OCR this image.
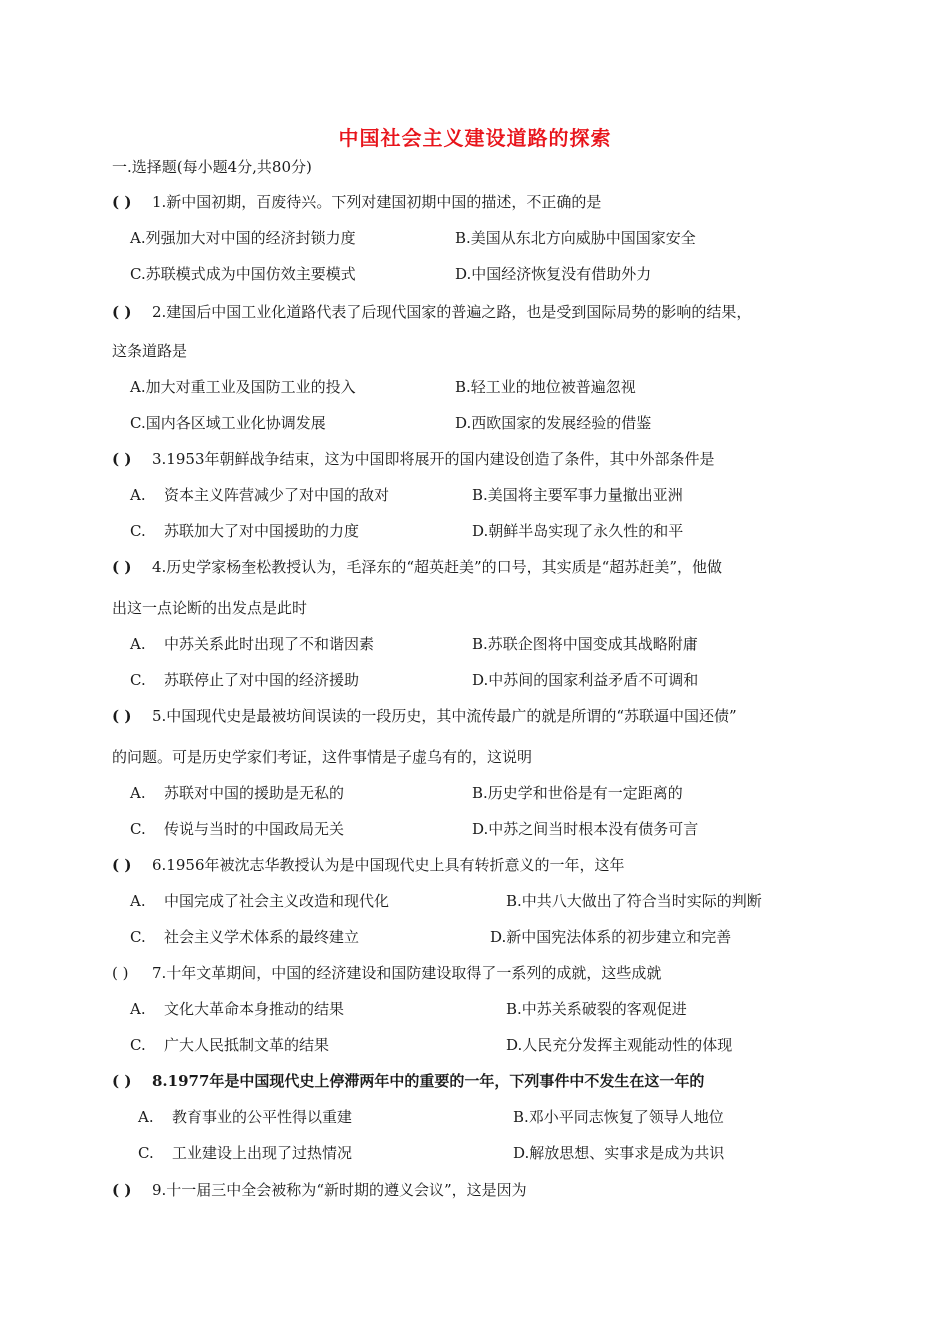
中国社会主义建设道路的探索
一.选择题(每小题4分,共80分)
( ) 1.新中国初期，百废待兴。下列对建国初期中国的描述，不正确的是
A.列强加大对中国的经济封锁力度	B.美国从东北方向威胁中国国家安全
C.苏联模式成为中国仿效主要模式	D.中国经济恢复没有借助外力
( ) 2.建国后中国工业化道路代表了后现代国家的普遍之路，也是受到国际局势的影响的结果，
这条道路是
A.加大对重工业及国防工业的投入	B.轻工业的地位被普遍忽视
C.国内各区域工业化协调发展	D.西欧国家的发展经验的借鉴
( ) 3.1953年朝鲜战争结束，这为中国即将展开的国内建设创造了条件，其中外部条件是
A. 资本主义阵营减少了对中国的敌对	B.美国将主要军事力量撤出亚洲
C. 苏联加大了对中国援助的力度	D.朝鲜半岛实现了永久性的和平
( ) 4.历史学家杨奎松教授认为，毛泽东的“超英赶美”的口号，其实质是“超苏赶美”，他做
出这一点论断的出发点是此时
A. 中苏关系此时出现了不和谐因素	B.苏联企图将中国变成其战略附庸
C. 苏联停止了对中国的经济援助	D.中苏间的国家利益矛盾不可调和
( ) 5.中国现代史是最被坊间误读的一段历史，其中流传最广的就是所谓的“苏联逼中国还债”
的问题。可是历史学家们考证，这件事情是子虚乌有的，这说明
A. 苏联对中国的援助是无私的	B.历史学和世俗是有一定距离的
C. 传说与当时的中国政局无关	D.中苏之间当时根本没有债务可言
( ) 6.1956年被沈志华教授认为是中国现代史上具有转折意义的一年，这年
A. 中国完成了社会主义改造和现代化	B.中共八大做出了符合当时实际的判断
C. 社会主义学术体系的最终建立	D.新中国宪法体系的初步建立和完善
( ) 7.十年文革期间，中国的经济建设和国防建设取得了一系列的成就，这些成就
A. 文化大革命本身推动的结果	B.中苏关系破裂的客观促进
C. 广大人民抵制文革的结果	D.人民充分发挥主观能动性的体现
( ) 8.1977年是中国现代史上停滞两年中的重要的一年，下列事件中不发生在这一年的
A. 教育事业的公平性得以重建	B.邓小平同志恢复了领导人地位
C. 工业建设上出现了过热情况	D.解放思想、实事求是成为共识
( ) 9.十一届三中全会被称为“新时期的遵义会议”，这是因为
